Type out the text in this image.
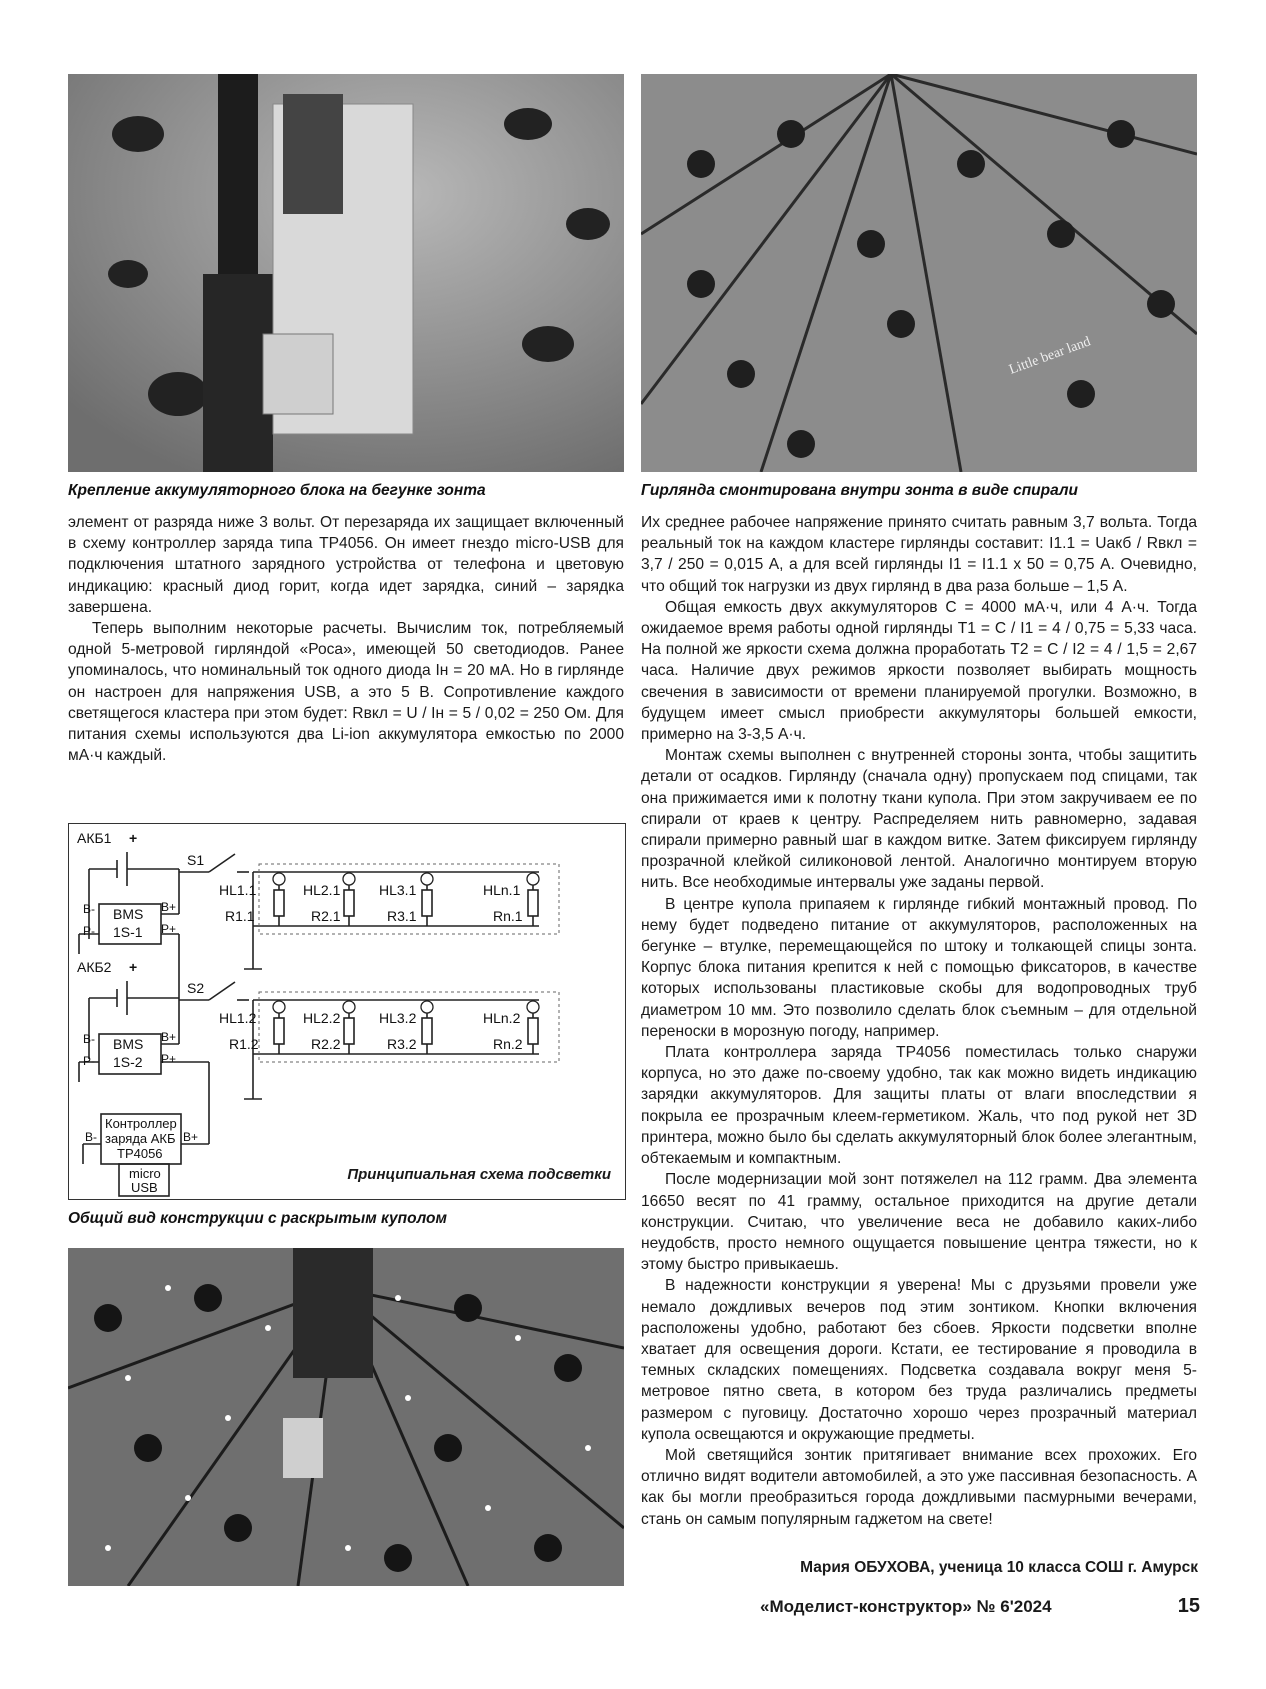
Little bear land
Крепление аккумуляторного блока на бегунке зонта	Гирлянда смонтирована внутри зонта в виде спирали

элемент от разряда ниже 3 вольт. От перезаряда их защищает включенный в схему контроллер заряда типа TP4056. Он имеет гнездо micro-USB для подключения штатного зарядного устройства от телефона и цветовую индикацию: красный диод горит, когда идет зарядка, синий – зарядка завершена.

Теперь выполним некоторые расчеты. Вычислим ток, потребляемый одной 5-метровой гирляндой «Роса», имеющей 50 светодиодов. Ранее упоминалось, что номинальный ток одного диода Iн = 20 мА. Но в гирлянде он настроен для напряжения USB, а это 5 В. Сопротивление каждого светящегося кластера при этом будет: Rвкл = U / Iн = 5 / 0,02 = 250 Ом. Для питания схемы используются два Li-ion аккумулятора емкостью по 2000 мА·ч каждый.

АКБ1 +
S1
BMS
1S-1
B-
P-
B+
P+
АКБ2 +
S2
BMS
1S-2
B-
P-
B+
P+
HL1.1	HL2.1	HL3.1	HLn.1
R1.1	R2.1	R3.1	Rn.1
HL1.2	HL2.2	HL3.2	HLn.2
R1.2	R2.2	R3.2	Rn.2
Контроллер
заряда АКБ
TP4056
B-	B+
micro
USB
Принципиальная схема подсветки
Общий вид конструкции с раскрытым куполом

Их среднее рабочее напряжение принято считать равным 3,7 вольта. Тогда реальный ток на каждом кластере гирлянды составит: I1.1 = Uакб / Rвкл = 3,7 / 250 = 0,015 А, а для всей гирлянды I1 = I1.1 x 50 = 0,75 А. Очевидно, что общий ток нагрузки из двух гирлянд в два раза больше – 1,5 А.

Общая емкость двух аккумуляторов С = 4000 мА·ч, или 4 А·ч. Тогда ожидаемое время работы одной гирлянды T1 = C / I1 = 4 / 0,75 = 5,33 часа. На полной же яркости схема должна проработать T2 = C / I2 = 4 / 1,5 = 2,67 часа. Наличие двух режимов яркости позволяет выбирать мощность свечения в зависимости от времени планируемой прогулки. Возможно, в будущем имеет смысл приобрести аккумуляторы большей емкости, примерно на 3-3,5 А·ч.

Монтаж схемы выполнен с внутренней стороны зонта, чтобы защитить детали от осадков. Гирлянду (сначала одну) пропускаем под спицами, так она прижимается ими к полотну ткани купола. При этом закручиваем ее по спирали от краев к центру. Распределяем нить равномерно, задавая спирали примерно равный шаг в каждом витке. Затем фиксируем гирлянду прозрачной клейкой силиконовой лентой. Аналогично монтируем вторую нить. Все необходимые интервалы уже заданы первой.

В центре купола припаяем к гирлянде гибкий монтажный провод. По нему будет подведено питание от аккумуляторов, расположенных на бегунке – втулке, перемещающейся по штоку и толкающей спицы зонта. Корпус блока питания крепится к ней с помощью фиксаторов, в качестве которых использованы пластиковые скобы для водопроводных труб диаметром 10 мм. Это позволило сделать блок съемным – для отдельной переноски в морозную погоду, например.

Плата контроллера заряда TP4056 поместилась только снаружи корпуса, но это даже по-своему удобно, так как можно видеть индикацию зарядки аккумуляторов. Для защиты платы от влаги впоследствии я покрыла ее прозрачным клеем-герметиком. Жаль, что под рукой нет 3D принтера, можно было бы сделать аккумуляторный блок более элегантным, обтекаемым и компактным.

После модернизации мой зонт потяжелел на 112 грамм. Два элемента 16650 весят по 41 грамму, остальное приходится на другие детали конструкции. Считаю, что увеличение веса не добавило каких-либо неудобств, просто немного ощущается повышение центра тяжести, но к этому быстро привыкаешь.

В надежности конструкции я уверена! Мы с друзьями провели уже немало дождливых вечеров под этим зонтиком. Кнопки включения расположены удобно, работают без сбоев. Яркости подсветки вполне хватает для освещения дороги. Кстати, ее тестирование я проводила в темных складских помещениях. Подсветка создавала вокруг меня 5-метровое пятно света, в котором без труда различались предметы размером с пуговицу. Достаточно хорошо через прозрачный материал купола освещаются и окружающие предметы.

Мой светящийся зонтик притягивает внимание всех прохожих. Его отлично видят водители автомобилей, а это уже пассивная безопасность. А как бы могли преобразиться города дождливыми пасмурными вечерами, стань он самым популярным гаджетом на свете!

Мария ОБУХОВА, ученица 10 класса СОШ г. Амурск
«Моделист-конструктор» № 6'2024	15
